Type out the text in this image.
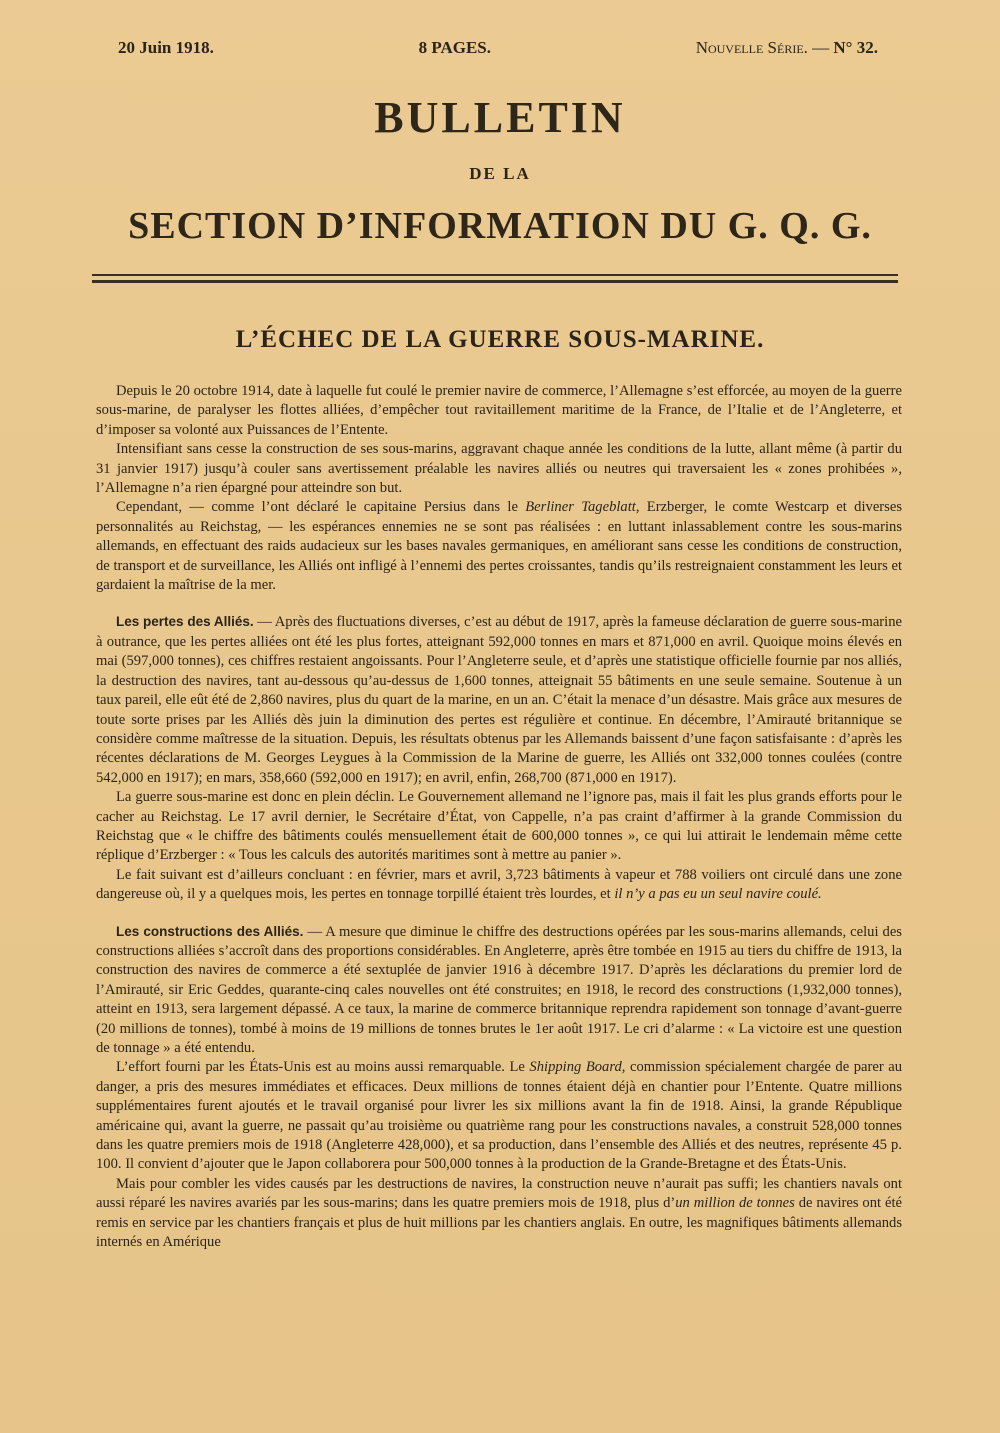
20 Juin 1918.	8 PAGES.	Nouvelle Série. — N° 32.
BULLETIN
DE LA
SECTION D’INFORMATION DU G. Q. G.
L’ÉCHEC DE LA GUERRE SOUS-MARINE.

Depuis le 20 octobre 1914, date à laquelle fut coulé le premier navire de commerce, l’Allemagne s’est efforcée, au moyen de la guerre sous-marine, de paralyser les flottes alliées, d’empêcher tout ravitaillement maritime de la France, de l’Italie et de l’Angleterre, et d’imposer sa volonté aux Puissances de l’Entente.

Intensifiant sans cesse la construction de ses sous-marins, aggravant chaque année les conditions de la lutte, allant même (à partir du 31 janvier 1917) jusqu’à couler sans avertissement préalable les navires alliés ou neutres qui traversaient les « zones prohibées », l’Allemagne n’a rien épargné pour atteindre son but.

Cependant, — comme l’ont déclaré le capitaine Persius dans le Berliner Tageblatt, Erzberger, le comte Westcarp et diverses personnalités au Reichstag, — les espérances ennemies ne se sont pas réalisées : en luttant inlassablement contre les sous-marins allemands, en effectuant des raids audacieux sur les bases navales germaniques, en améliorant sans cesse les conditions de construction, de transport et de surveillance, les Alliés ont infligé à l’ennemi des pertes croissantes, tandis qu’ils restreignaient constamment les leurs et gardaient la maîtrise de la mer.

Les pertes des Alliés. — Après des fluctuations diverses, c’est au début de 1917, après la fameuse déclaration de guerre sous-marine à outrance, que les pertes alliées ont été les plus fortes, atteignant 592,000 tonnes en mars et 871,000 en avril. Quoique moins élevés en mai (597,000 tonnes), ces chiffres restaient angoissants. Pour l’Angleterre seule, et d’après une statistique officielle fournie par nos alliés, la destruction des navires, tant au-dessous qu’au-dessus de 1,600 tonnes, atteignait 55 bâtiments en une seule semaine. Soutenue à un taux pareil, elle eût été de 2,860 navires, plus du quart de la marine, en un an. C’était la menace d’un désastre. Mais grâce aux mesures de toute sorte prises par les Alliés dès juin la diminution des pertes est régulière et continue. En décembre, l’Amirauté britannique se considère comme maîtresse de la situation. Depuis, les résultats obtenus par les Allemands baissent d’une façon satisfaisante : d’après les récentes déclarations de M. Georges Leygues à la Commission de la Marine de guerre, les Alliés ont 332,000 tonnes coulées (contre 542,000 en 1917); en mars, 358,660 (592,000 en 1917); en avril, enfin, 268,700 (871,000 en 1917).

La guerre sous-marine est donc en plein déclin. Le Gouvernement allemand ne l’ignore pas, mais il fait les plus grands efforts pour le cacher au Reichstag. Le 17 avril dernier, le Secrétaire d’État, von Cappelle, n’a pas craint d’affirmer à la grande Commission du Reichstag que « le chiffre des bâtiments coulés mensuellement était de 600,000 tonnes », ce qui lui attirait le lendemain même cette réplique d’Erzberger : « Tous les calculs des autorités maritimes sont à mettre au panier ».

Le fait suivant est d’ailleurs concluant : en février, mars et avril, 3,723 bâtiments à vapeur et 788 voiliers ont circulé dans une zone dangereuse où, il y a quelques mois, les pertes en tonnage torpillé étaient très lourdes, et il n’y a pas eu un seul navire coulé.

Les constructions des Alliés. — A mesure que diminue le chiffre des destructions opérées par les sous-marins allemands, celui des constructions alliées s’accroît dans des proportions considérables. En Angleterre, après être tombée en 1915 au tiers du chiffre de 1913, la construction des navires de commerce a été sextuplée de janvier 1916 à décembre 1917. D’après les déclarations du premier lord de l’Amirauté, sir Eric Geddes, quarante-cinq cales nouvelles ont été construites; en 1918, le record des constructions (1,932,000 tonnes), atteint en 1913, sera largement dépassé. A ce taux, la marine de commerce britannique reprendra rapidement son tonnage d’avant-guerre (20 millions de tonnes), tombé à moins de 19 millions de tonnes brutes le 1er août 1917. Le cri d’alarme : « La victoire est une question de tonnage » a été entendu.

L’effort fourni par les États-Unis est au moins aussi remarquable. Le Shipping Board, commission spécialement chargée de parer au danger, a pris des mesures immédiates et efficaces. Deux millions de tonnes étaient déjà en chantier pour l’Entente. Quatre millions supplémentaires furent ajoutés et le travail organisé pour livrer les six millions avant la fin de 1918. Ainsi, la grande République américaine qui, avant la guerre, ne passait qu’au troisième ou quatrième rang pour les constructions navales, a construit 528,000 tonnes dans les quatre premiers mois de 1918 (Angleterre 428,000), et sa production, dans l’ensemble des Alliés et des neutres, représente 45 p. 100. Il convient d’ajouter que le Japon collaborera pour 500,000 tonnes à la production de la Grande-Bretagne et des États-Unis.

Mais pour combler les vides causés par les destructions de navires, la construction neuve n’aurait pas suffi; les chantiers navals ont aussi réparé les navires avariés par les sous-marins; dans les quatre premiers mois de 1918, plus d’un million de tonnes de navires ont été remis en service par les chantiers français et plus de huit millions par les chantiers anglais. En outre, les magnifiques bâtiments allemands internés en Amérique
